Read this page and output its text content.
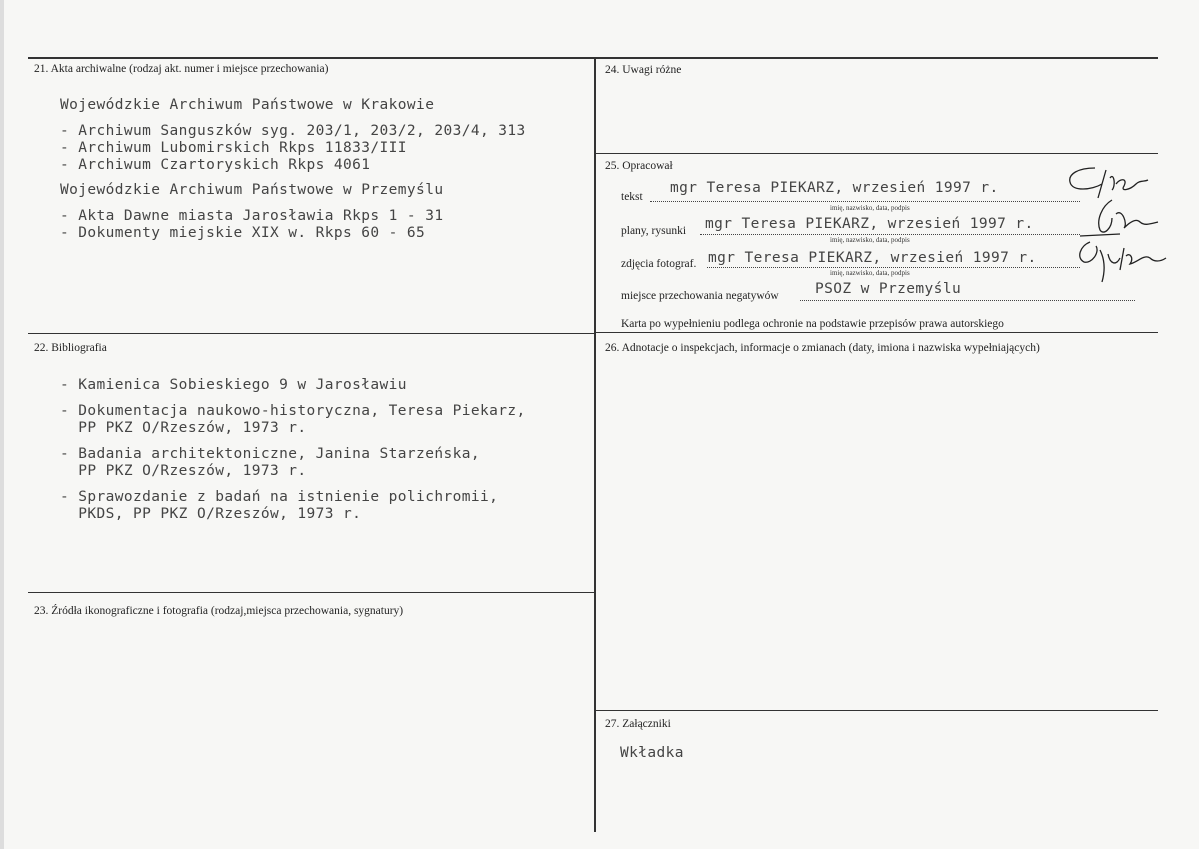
21. Akta archiwalne (rodzaj akt. numer i miejsce przechowania)
Wojewódzkie Archiwum Państwowe w Krakowie
- Archiwum Sanguszków syg. 203/1, 203/2, 203/4, 313
- Archiwum Lubomirskich Rkps 11833/III
- Archiwum Czartoryskich Rkps 4061
Wojewódzkie Archiwum Państwowe w Przemyślu
- Akta Dawne miasta Jarosławia Rkps 1 - 31
- Dokumenty miejskie XIX w. Rkps 60 - 65
22. Bibliografia
- Kamienica Sobieskiego 9 w Jarosławiu
- Dokumentacja naukowo-historyczna, Teresa Piekarz,
PP PKZ O/Rzeszów, 1973 r.
- Badania architektoniczne, Janina Starzeńska,
PP PKZ O/Rzeszów, 1973 r.
- Sprawozdanie z badań na istnienie polichromii,
PKDS, PP PKZ O/Rzeszów, 1973 r.
23. Źródła ikonograficzne i fotografia (rodzaj,miejsca przechowania, sygnatury)
24. Uwagi różne
25. Opracował
tekst
mgr Teresa PIEKARZ, wrzesień 1997 r.
imię, nazwisko, data, podpis
plany, rysunki mgr Teresa PIEKARZ, wrzesień 1997 r.
imię, nazwisko, data, podpis
zdjęcia fotograf. mgr Teresa PIEKARZ, wrzesień 1997 r.
imię, nazwisko, data, podpis
miejsce przechowania negatywów	PSOZ w Przemyślu
Karta po wypełnieniu podlega ochronie na podstawie przepisów prawa autorskiego
26. Adnotacje o inspekcjach, informacje o zmianach (daty, imiona i nazwiska wypełniających)
27. Załączniki
Wkładka
